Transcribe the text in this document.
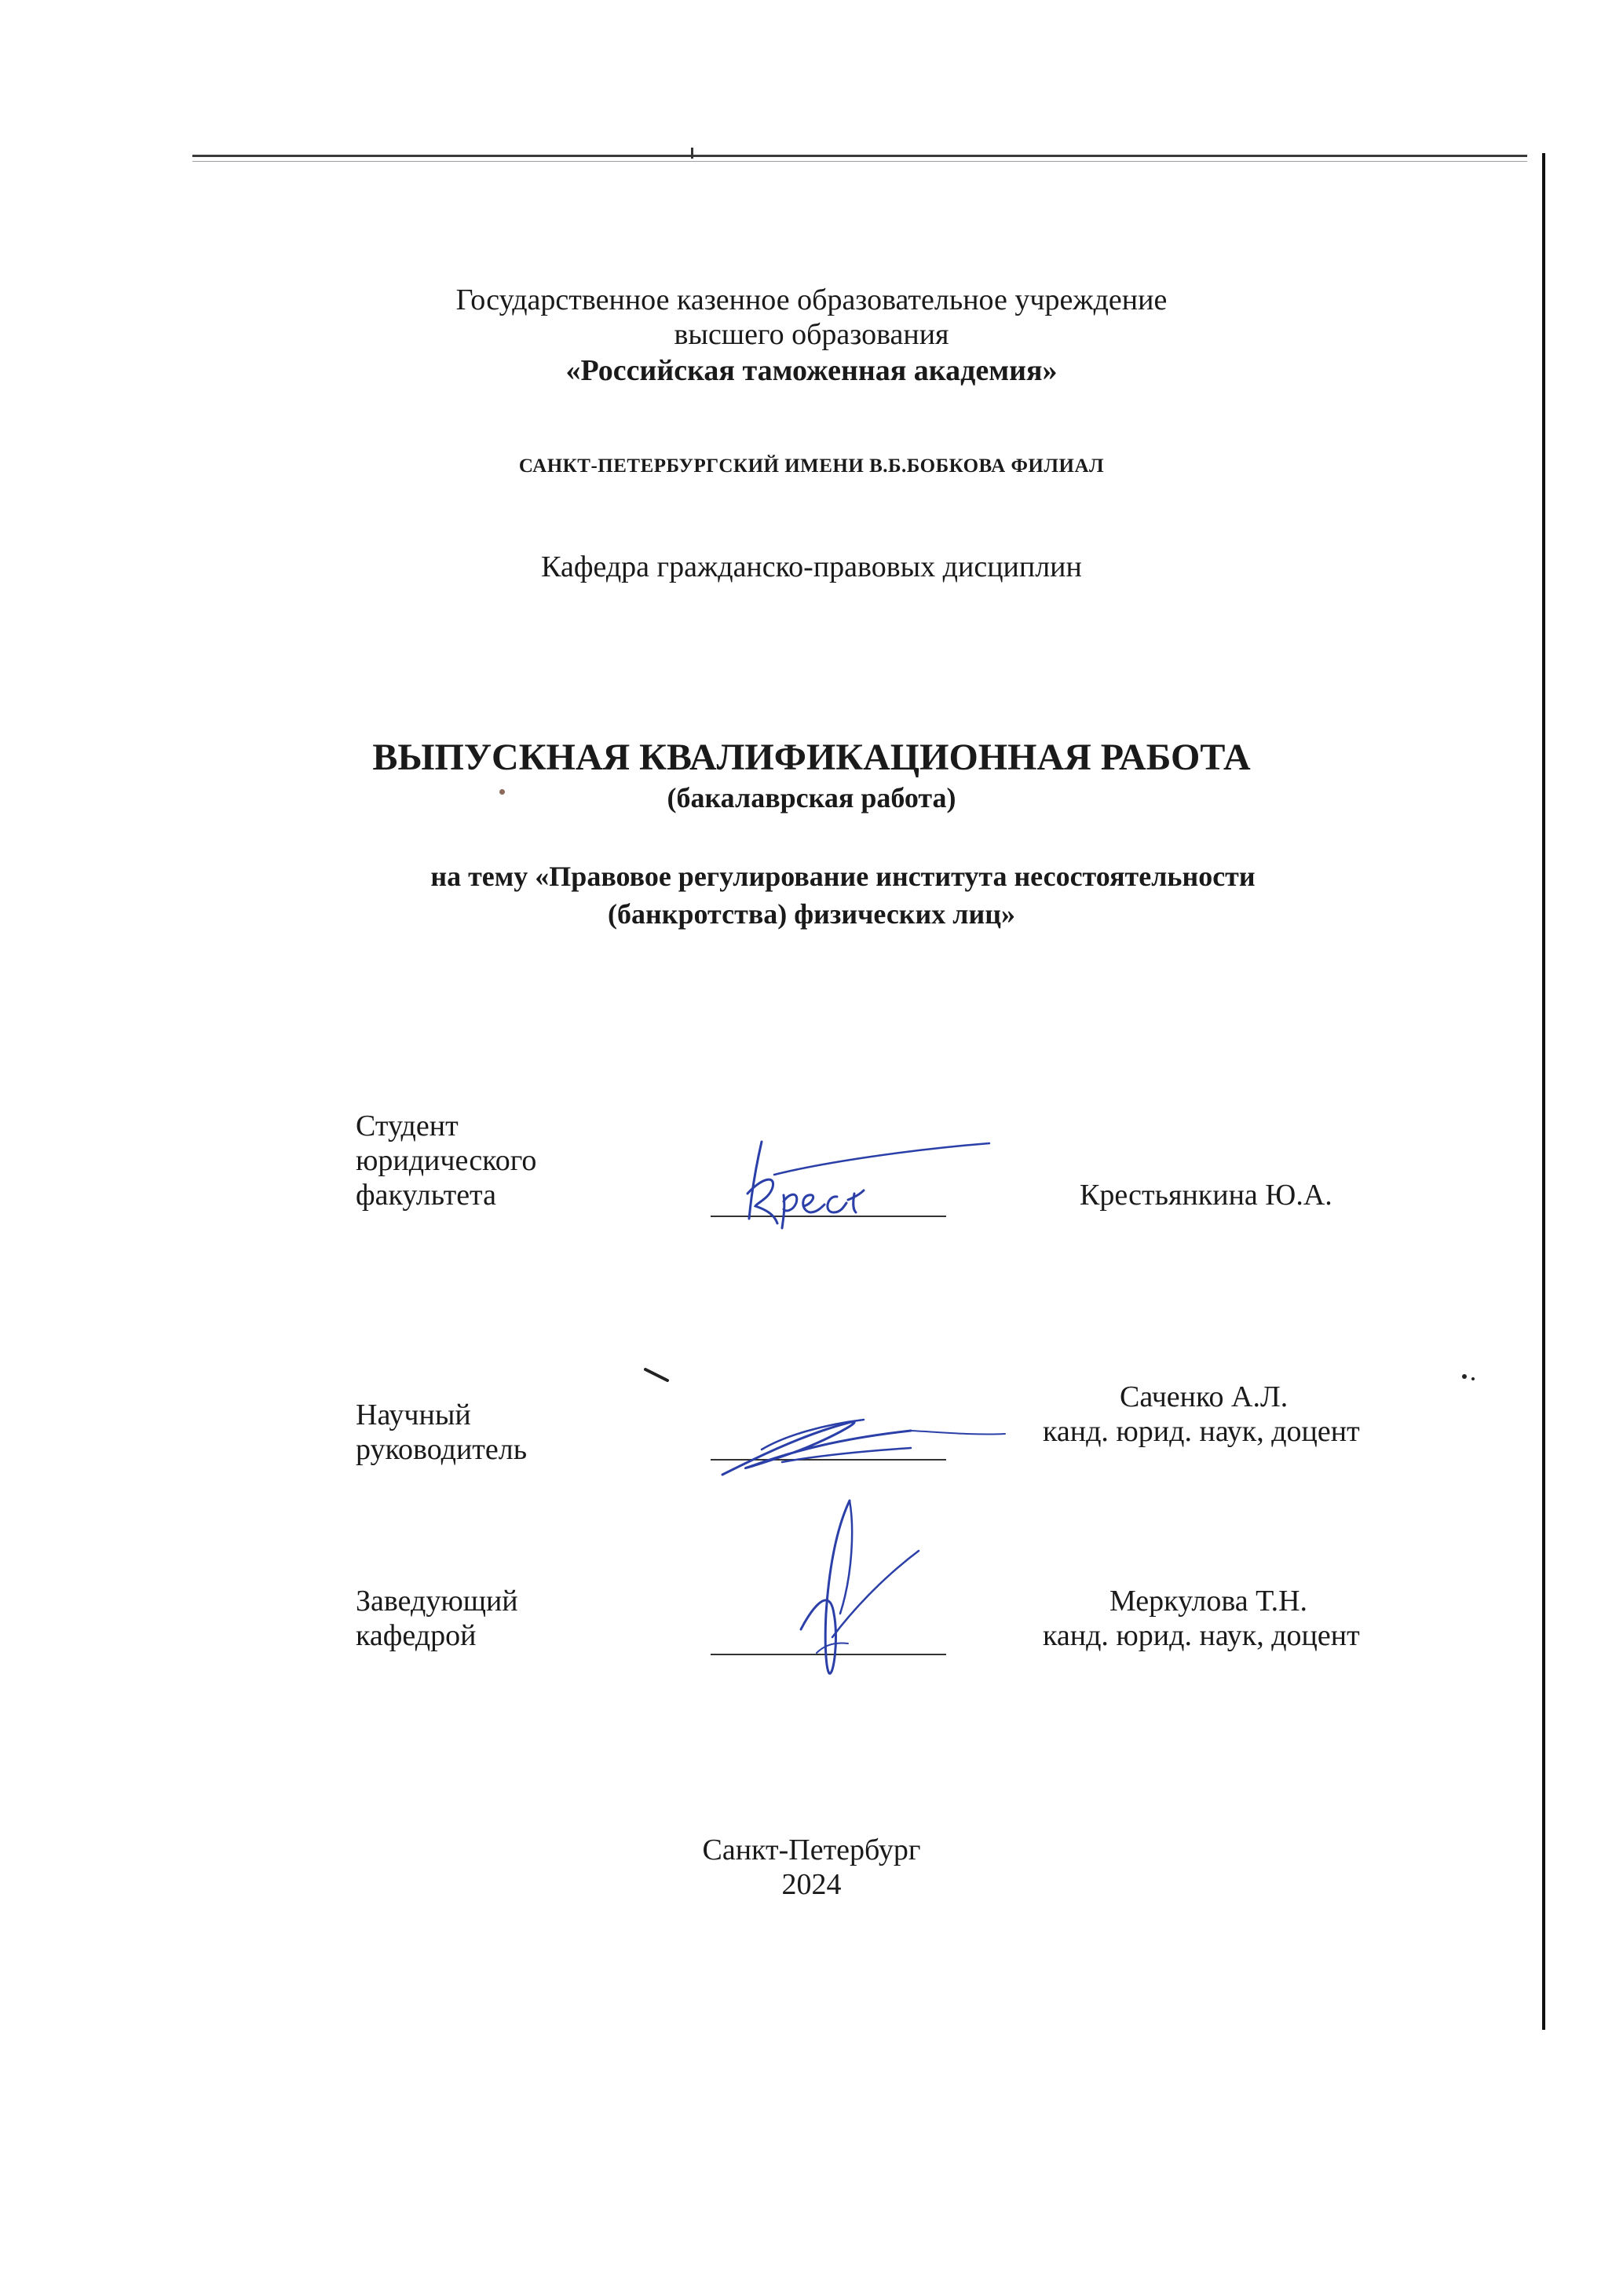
Государственное казенное образовательное учреждение
высшего образования
«Российская таможенная академия»
САНКТ-ПЕТЕРБУРГСКИЙ ИМЕНИ В.Б.БОБКОВА ФИЛИАЛ
Кафедра гражданско-правовых дисциплин
ВЫПУСКНАЯ КВАЛИФИКАЦИОННАЯ РАБОТА
(бакалаврская работа)
на тему «Правовое регулирование института несостоятельности
(банкротства) физических лиц»
Студент
юридического
факультета	Крестьянкина Ю.А.
Научный
руководитель
Саченко А.Л.
канд. юрид. наук, доцент
Заведующий
кафедрой
Меркулова Т.Н.
канд. юрид. наук, доцент
Санкт-Петербург
2024
